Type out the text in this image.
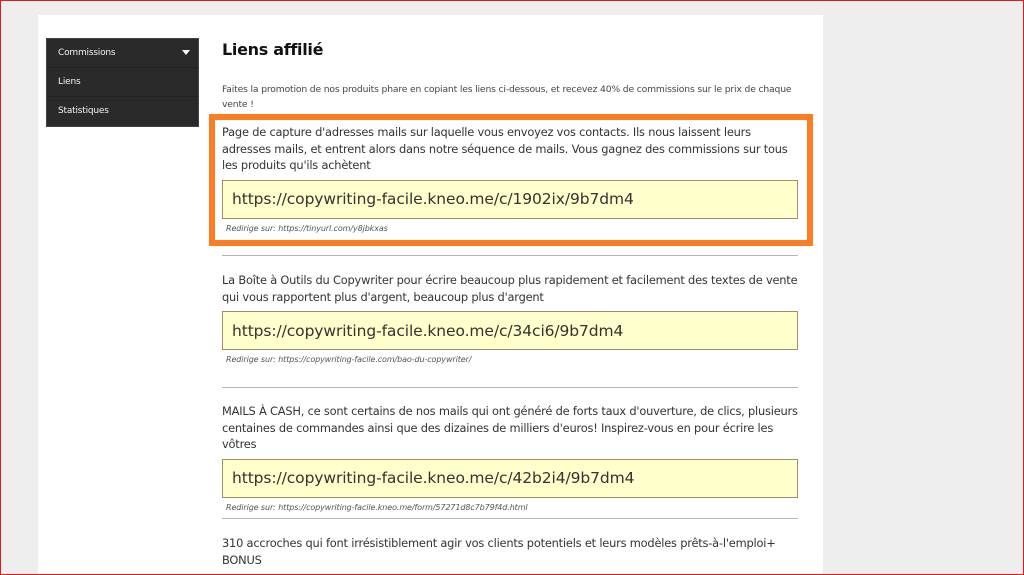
Commissions
Liens
Statistiques
Liens affilié

Faites la promotion de nos produits phare en copiant les liens ci-dessous, et recevez 40% de commissions sur le prix de chaque vente !

Page de capture d'adresses mails sur laquelle vous envoyez vos contacts. Ils nous laissent leurs adresses mails, et entrent alors dans notre séquence de mails. Vous gagnez des commissions sur tous les produits qu'ils achètent

https://copywriting-facile.kneo.me/c/1902ix/9b7dm4

Redirige sur: https://tinyurl.com/y8jbkxas

La Boîte à Outils du Copywriter pour écrire beaucoup plus rapidement et facilement des textes de vente qui vous rapportent plus d'argent, beaucoup plus d'argent

https://copywriting-facile.kneo.me/c/34ci6/9b7dm4

Redirige sur: https://copywriting-facile.com/bao-du-copywriter/

MAILS À CASH, ce sont certains de nos mails qui ont généré de forts taux d'ouverture, de clics, plusieurs centaines de commandes ainsi que des dizaines de milliers d'euros! Inspirez-vous en pour écrire les vôtres

https://copywriting-facile.kneo.me/c/42b2i4/9b7dm4

Redirige sur: https://copywriting-facile.kneo.me/form/57271d8c7b79f4d.html

310 accroches qui font irrésistiblement agir vos clients potentiels et leurs modèles prêts-à-l'emploi+ BONUS
